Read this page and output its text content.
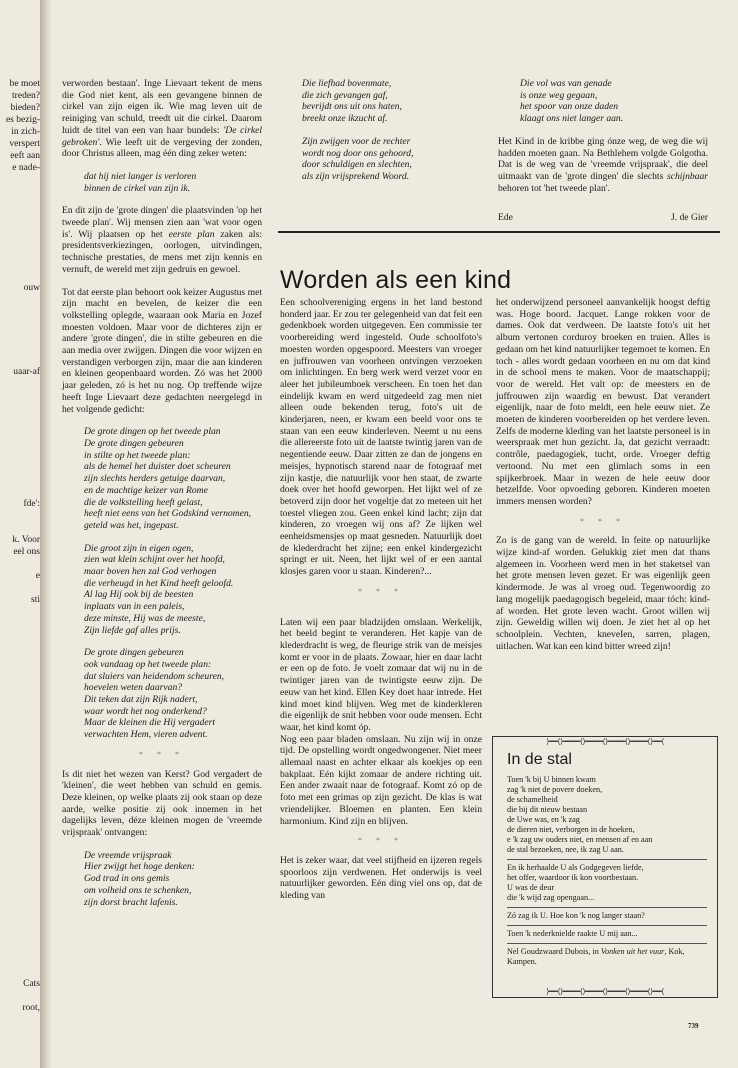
be moet
treden?
bieden?
es bezig-
in zich-
verspert
eeft aan
e nade-
ouw
uaar-af
fde':
k. Voor
eel ons
e
sti
Cats
root,

verworden bestaan'. Inge Lievaart tekent de mens die God niet kent, als een gevangene binnen de cirkel van zijn eigen ik. Wie mag leven uit de reiniging van schuld, treedt uit die cirkel. Daarom luidt de titel van een van haar bundels: 'De cirkel gebroken'. Wie leeft uit de vergeving der zonden, door Christus alleen, mag één ding zeker weten:

dat hij niet langer is verloren
binnen de cirkel van zijn ik.

En dit zijn de 'grote dingen' die plaatsvinden 'op het tweede plan'. Wij mensen zien aan 'wat voor ogen is'. Wij plaatsen op het eerste plan zaken als: presidentsverkiezingen, oorlogen, uitvindingen, technische prestaties, de mens met zijn kennis en vernuft, de wereld met zijn gedruis en gewoel.

Tot dat eerste plan behoort ook keizer Augustus met zijn macht en bevelen, de keizer die een volkstelling oplegde, waaraan ook Maria en Jozef moesten voldoen. Maar voor de dichteres zijn er andere 'grote dingen', die in stilte gebeuren en die aan media over zwijgen. Dingen die voor wijzen en verstandigen verborgen zijn, maar die aan kinderen en kleinen geopenbaard worden. Zó was het 2000 jaar geleden, zó is het nu nog. Op treffende wijze heeft Inge Lievaart deze gedachten neergelegd in het volgende gedicht:

De grote dingen op het tweede plan
De grote dingen gebeuren
in stilte op het tweede plan:
als de hemel het duister doet scheuren
zijn slechts herders getuige daarvan,
en de machtige keizer van Rome
die de volkstelling heeft gelast,
heeft niet eens van het Godskind vernomen,
geteld was het, ingepast.
Die groot zijn in eigen ogen,
zien wat klein schijnt over het hoofd,
maar boven hen zal God verhogen
die verheugd in het Kind heeft geloofd.
Al lag Hij ook bij de beesten
inplaats van in een paleis,
deze minste, Hij was de meeste,
Zijn liefde gaf alles prijs.
De grote dingen gebeuren
ook vandaag op het tweede plan:
dat sluiers van heidendom scheuren,
hoevelen weten daarvan?
Dit teken dat zijn Rijk nadert,
waar wordt het nog onderkend?
Maar de kleinen die Hij vergadert
verwachten Hem, vieren advent.
* * *

Is dit niet het wezen van Kerst? God vergadert de 'kleinen', die weet hebben van schuld en gemis. Deze kleinen, op welke plaats zij ook staan op deze aarde, welke positie zij ook innemen in het dagelijks leven, déze kleinen mogen de 'vreemde vrijspraak' ontvangen:

De vreemde vrijspraak
Hier zwijgt het hoge denken:
God trad in ons gemis
om volheid ons te schenken,
zijn dorst bracht lafenis.
Die liefhad bovenmate,
die zich gevangen gaf,
bevrijdt ons uit ons haten,
breekt onze ikzucht af.
Zijn zwijgen voor de rechter
wordt nog door ons gehoord,
door schuldigen en slechten,
als zijn vrijsprekend Woord.
Die vol was van genade
is onze weg gegaan,
het spoor van onze daden
klaagt ons niet langer aan.

Het Kind in de kribbe ging ónze weg, de weg die wij hadden moeten gaan. Na Bethlehem volgde Golgotha. Dat is de weg van de 'vreemde vrijspraak', die deel uitmaakt van de 'grote dingen' die slechts schijnbaar behoren tot 'het tweede plan'.

Ede	J. de Gier
Worden als een kind

Een schoolvereniging ergens in het land bestond honderd jaar. Er zou ter gelegenheid van dat feit een gedenkboek worden uitgegeven. Een commissie ter voorbereiding werd ingesteld. Oude schoolfoto's moesten worden opgespoord. Meesters van vroeger en juffrouwen van voorheen ontvingen verzoeken om inlichtingen. En berg werk werd verzet voor en aleer het jubileumboek verscheen. En toen het dan eindelijk kwam en werd uitgedeeld zag men niet alleen oude bekenden terug, foto's uit de kinderjaren, neen, er kwam een beeld voor ons te staan van een eeuw kinderleven. Neemt u nu eens die allereerste foto uit de laatste twintig jaren van de negentiende eeuw. Daar zitten ze dan de jongens en meisjes, hypnotisch starend naar de fotograaf met zijn kastje, die natuurlijk voor hen staat, de zwarte doek over het hoofd geworpen. Het lijkt wel of ze betoverd zijn door het vogeltje dat zo meteen uit het toestel vliegen zou. Geen enkel kind lacht; zijn dat kinderen, zo vroegen wij ons af? Ze lijken wel eenheidsmensjes op maat gesneden. Natuurlijk doet de klederdracht het zijne; een enkel kindergezicht springt er uit. Neen, het lijkt wel of er een aantal klosjes garen voor u staan. Kinderen?...

* * *

Laten wij een paar bladzijden omslaan. Werkelijk, het beeld begint te veranderen. Het kapje van de klederdracht is weg, de fleurige strik van de meisjes komt er voor in de plaats. Zowaar, hier en daar lacht er een op de foto. Je voelt zomaar dat wij nu in de twintiger jaren van de twintigste eeuw zijn. De eeuw van het kind. Ellen Key doet haar intrede. Het kind moet kind blijven. Weg met de kinderkleren die eigenlijk de snit hebben voor oude mensen. Echt waar, het kind komt óp.

Nog een paar bladen omslaan. Nu zijn wij in onze tijd. De opstelling wordt ongedwongener. Niet meer allemaal naast en achter elkaar als koekjes op een bakplaat. Eén kijkt zomaar de andere richting uit. Een ander zwaait naar de fotograaf. Komt zó op de foto met een grimas op zijn gezicht. De klas is wat vriendelijker. Bloemen en planten. Een klein harmonium. Kind zijn en blijven.

* * *

Het is zeker waar, dat veel stijfheid en ijzeren regels spoorloos zijn verdwenen. Het onderwijs is veel natuurlijker geworden. Eén ding viel ons op, dat de kleding van

het onderwijzend personeel aanvankelijk hoogst deftig was. Hoge boord. Jacquet. Lange rokken voor de dames. Ook dat verdween. De laatste foto's uit het album vertonen corduroy broeken en truien. Alles is gedaan om het kind natuurlijker tegemoet te komen. En toch - alles wordt gedaan voorheen en nu om dat kind in de school mens te maken. Voor de maatschappij; voor de wereld. Het valt op: de meesters en de juffrouwen zijn waardig en bewust. Dat verandert eigenlijk, naar de foto meldt, een hele eeuw niet. Ze moeten de kinderen voorbereiden op het verdere leven. Zelfs de moderne kleding van het laatste personeel is in weerspraak met hun gezicht. Ja, dat gezicht verraadt: contrôle, paedagogiek, tucht, orde. Vroeger deftig vertoond. Nu met een glimlach soms in een spijkerbroek. Maar in wezen de hele eeuw door hetzelfde. Voor opvoeding geboren. Kinderen moeten immers mensen worden?

* * *

Zo is de gang van de wereld. In feite op natuurlijke wijze kind-af worden. Gelukkig ziet men dat thans algemeen in. Voorheen werd men in het staketsel van het grote mensen leven gezet. Er was eigenlijk geen kindermode. Je was al vroeg oud. Tegenwoordig zo lang mogelijk paedagogisch begeleid, maar tóch: kind-af worden. Het grote leven wacht. Groot willen wij zijn. Geweldig willen wij doen. Je ziet het al op het schoolplein. Vechten, kneveIen, sarren, plagen, uitlachen. Wat kan een kind bitter wreed zijn!

⟩━━⟨⟩━━━━⟨⟩━━━━⟨⟩━━━━⟨⟩━━━━⟨⟩━━⟨
In de stal
Toen 'k bij U binnen kwam
zag 'k niet de povere doeken,
de schamelheid
die bij dit nieuw bestaan
de Uwe was, en 'k zag
de dieren niet, verborgen in de hoeken,
e 'k zag uw ouders niet, en mensen af en aan
de stal bezoeken, nee, ik zag U aan.
En ik herhaalde U als Godgegeven liefde,
het offer, waardoor ik kon voortbestaan.
U was de deur
die 'k wijd zag opengaan...
Zó zag ik U. Hoe kon 'k nog langer staan?
Toen 'k nederknielde raakte U mij aan...
Nel Goudzwaard Dubois, in Vonken uit het vuur, Kok, Kampen.
⟩━━⟨⟩━━━━⟨⟩━━━━⟨⟩━━━━⟨⟩━━━━⟨⟩━━⟨
739
